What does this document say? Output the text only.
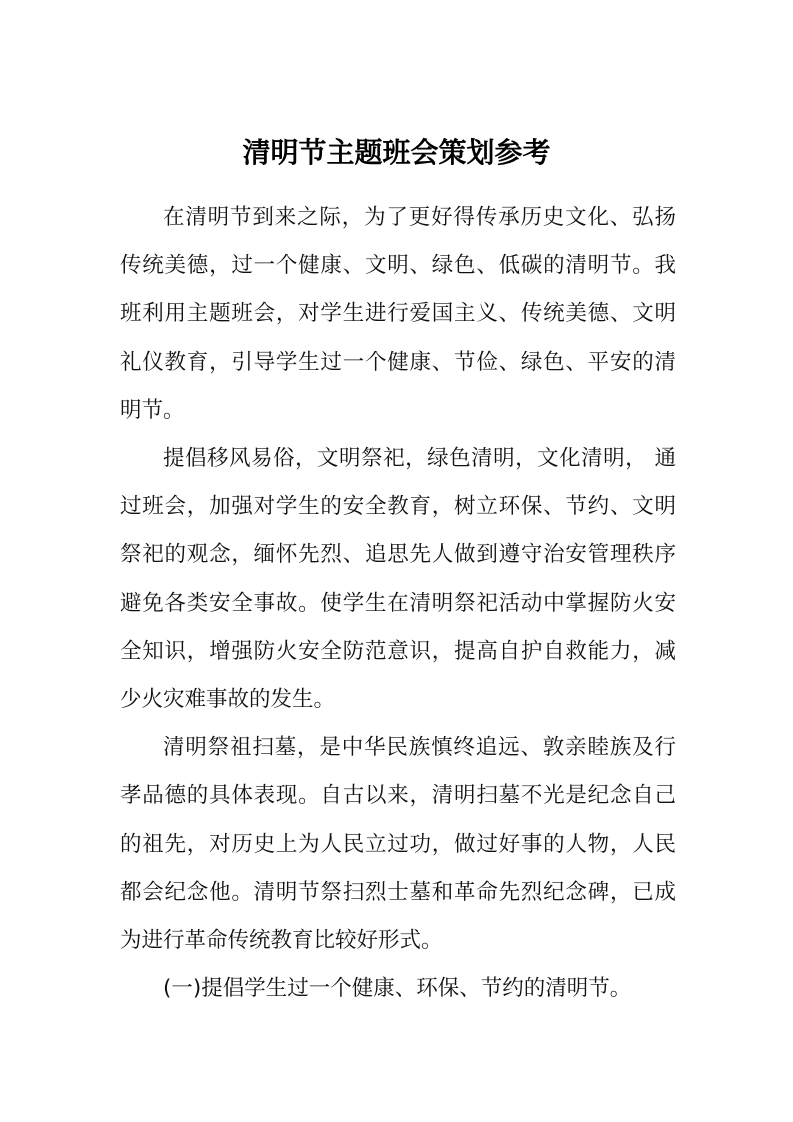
清明节主题班会策划参考

在清明节到来之际，为了更好得传承历史文化、弘扬传统美德，过一个健康、文明、绿色、低碳的清明节。我班利用主题班会，对学生进行爱国主义、传统美德、文明礼仪教育，引导学生过一个健康、节俭、绿色、平安的清明节。

提倡移风易俗，文明祭祀，绿色清明，文化清明， 通过班会，加强对学生的安全教育，树立环保、节约、文明祭祀的观念，缅怀先烈、追思先人做到遵守治安管理秩序避免各类安全事故。使学生在清明祭祀活动中掌握防火安全知识，增强防火安全防范意识，提高自护自救能力，减少火灾难事故的发生。

清明祭祖扫墓，是中华民族慎终追远、敦亲睦族及行孝品德的具体表现。自古以来，清明扫墓不光是纪念自己的祖先，对历史上为人民立过功，做过好事的人物，人民都会纪念他。清明节祭扫烈士墓和革命先烈纪念碑，已成为进行革命传统教育比较好形式。

(一)提倡学生过一个健康、环保、节约的清明节。
